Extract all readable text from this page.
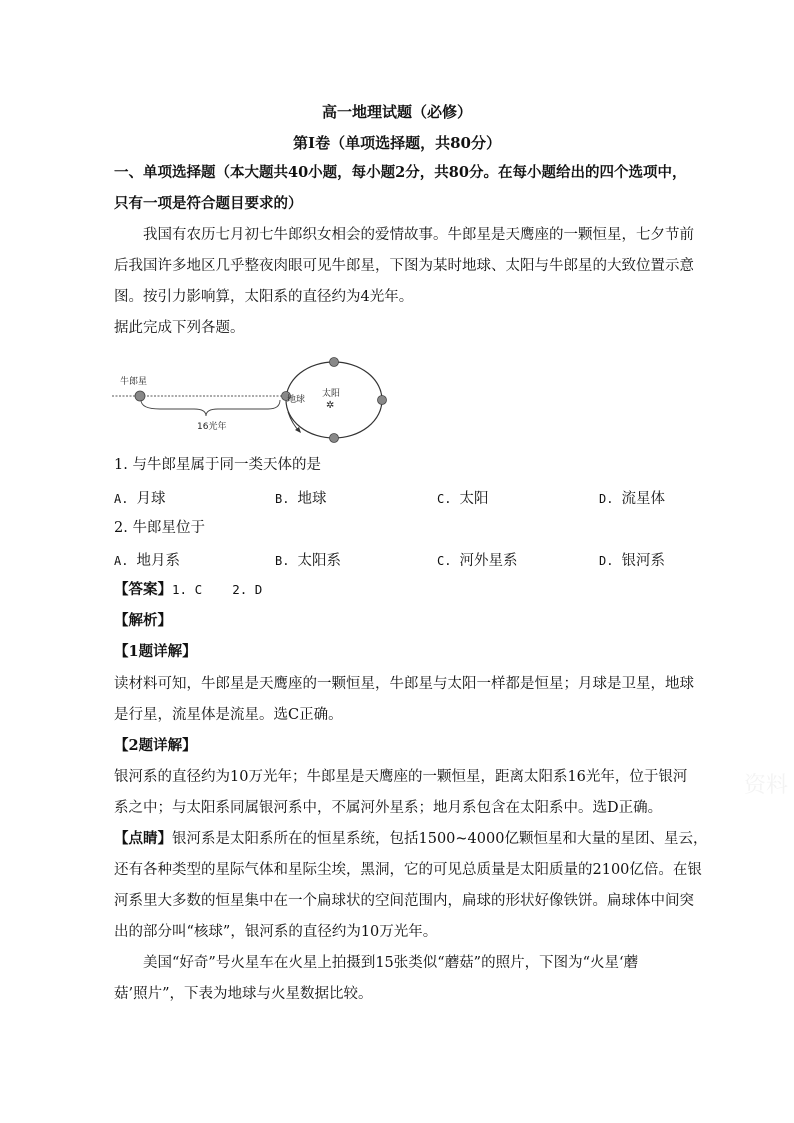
高一地理试题（必修）
第Ⅰ卷（单项选择题，共80分）
一、单项选择题（本大题共40小题，每小题2分，共80分。在每小题给出的四个选项中，
只有一项是符合题目要求的）
我国有农历七月初七牛郎织女相会的爱情故事。牛郎星是天鹰座的一颗恒星，七夕节前
后我国许多地区几乎整夜肉眼可见牛郎星，下图为某时地球、太阳与牛郎星的大致位置示意
图。按引力影响算，太阳系的直径约为4光年。
据此完成下列各题。
牛郎星
16光年
太阳
✲
地球
1. 与牛郎星属于同一类天体的是
A. 月球	B. 地球	C. 太阳	D. 流星体
2. 牛郎星位于
A. 地月系	B. 太阳系	C. 河外星系	D. 银河系
【答案】1. C    2. D
【解析】
【1题详解】
读材料可知，牛郎星是天鹰座的一颗恒星，牛郎星与太阳一样都是恒星；月球是卫星，地球
是行星，流星体是流星。选C正确。
【2题详解】
银河系的直径约为10万光年；牛郎星是天鹰座的一颗恒星，距离太阳系16光年，位于银河
系之中；与太阳系同属银河系中，不属河外星系；地月系包含在太阳系中。选D正确。
【点睛】银河系是太阳系所在的恒星系统，包括1500~4000亿颗恒星和大量的星团、星云，
还有各种类型的星际气体和星际尘埃，黑洞，它的可见总质量是太阳质量的2100亿倍。在银
河系里大多数的恒星集中在一个扁球状的空间范围内，扁球的形状好像铁饼。扁球体中间突
出的部分叫“核球”，银河系的直径约为10万光年。
美国“好奇”号火星车在火星上拍摄到15张类似“蘑菇”的照片，下图为“火星‘蘑
菇’照片”，下表为地球与火星数据比较。
资料
